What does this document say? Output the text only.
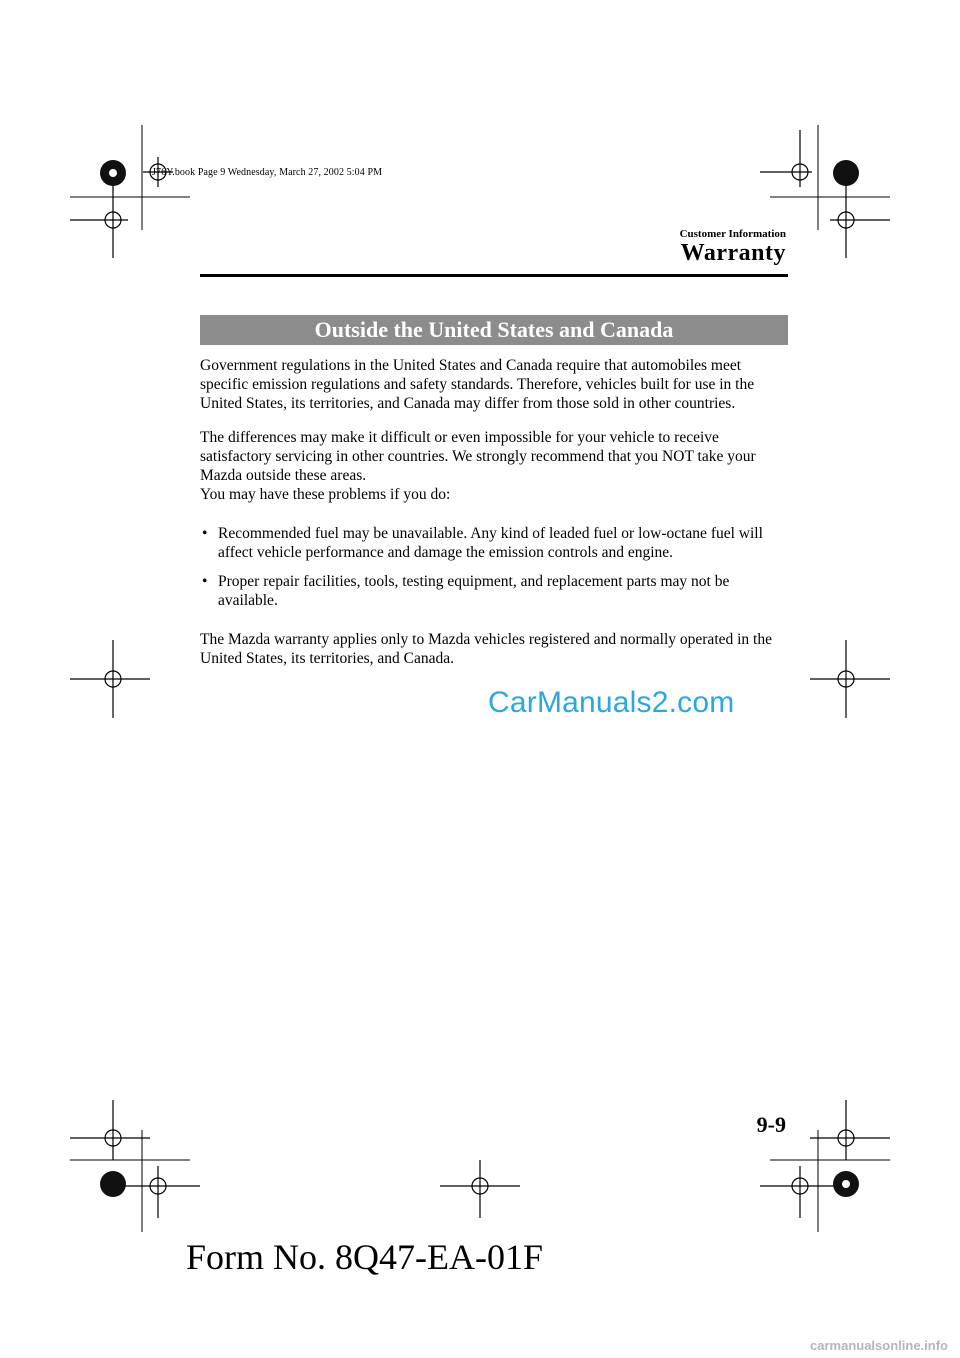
J76Y.book Page 9 Wednesday, March 27, 2002 5:04 PM
Customer Information
Warranty
Outside the United States and Canada
Government regulations in the United States and Canada require that automobiles meet specific emission regulations and safety standards. Therefore, vehicles built for use in the United States, its territories, and Canada may differ from those sold in other countries.
The differences may make it difficult or even impossible for your vehicle to receive satisfactory servicing in other countries. We strongly recommend that you NOT take your Mazda outside these areas.
You may have these problems if you do:
• Recommended fuel may be unavailable. Any kind of leaded fuel or low-octane fuel will affect vehicle performance and damage the emission controls and engine.
• Proper repair facilities, tools, testing equipment, and replacement parts may not be available.
The Mazda warranty applies only to Mazda vehicles registered and normally operated in the United States, its territories, and Canada.
CarManuals2.com
9-9
Form No. 8Q47-EA-01F
carmanualsonline.info
